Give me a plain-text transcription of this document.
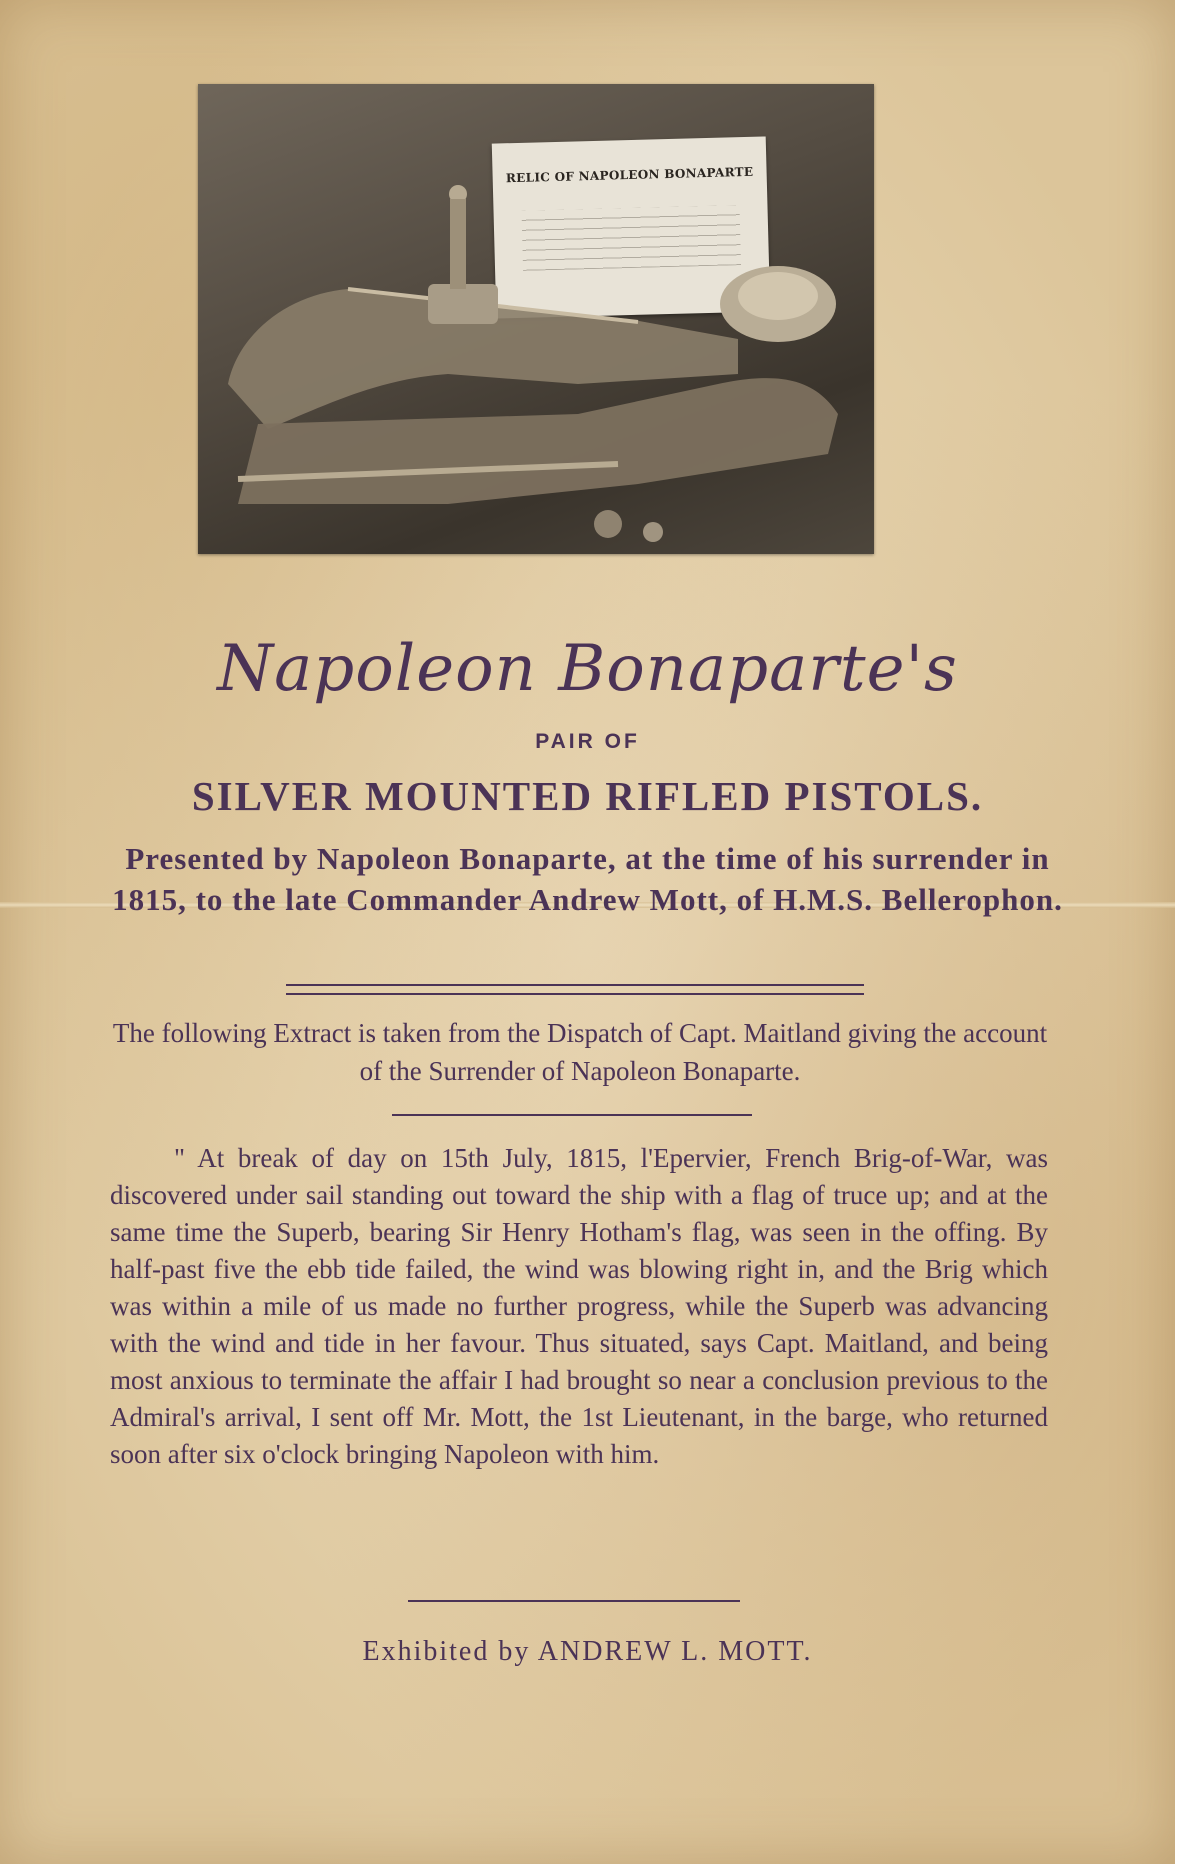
RELIC OF NAPOLEON BONAPARTE
Napoleon Bonaparte's
PAIR OF
SILVER MOUNTED RIFLED PISTOLS.
Presented by Napoleon Bonaparte, at the time of his surrender in 1815, to the late Commander Andrew Mott, of H.M.S. Bellerophon.
The following Extract is taken from the Dispatch of Capt. Maitland giving the account of the Surrender of Napoleon Bonaparte.
" At break of day on 15th July, 1815, l'Epervier, French Brig-of-War, was discovered under sail standing out toward the ship with a flag of truce up; and at the same time the Superb, bearing Sir Henry Hotham's flag, was seen in the offing. By half-past five the ebb tide failed, the wind was blowing right in, and the Brig which was within a mile of us made no further progress, while the Superb was advancing with the wind and tide in her favour. Thus situated, says Capt. Maitland, and being most anxious to terminate the affair I had brought so near a conclusion previous to the Admiral's arrival, I sent off Mr. Mott, the 1st Lieutenant, in the barge, who returned soon after six o'clock bringing Napoleon with him.
Exhibited by ANDREW L. MOTT.
